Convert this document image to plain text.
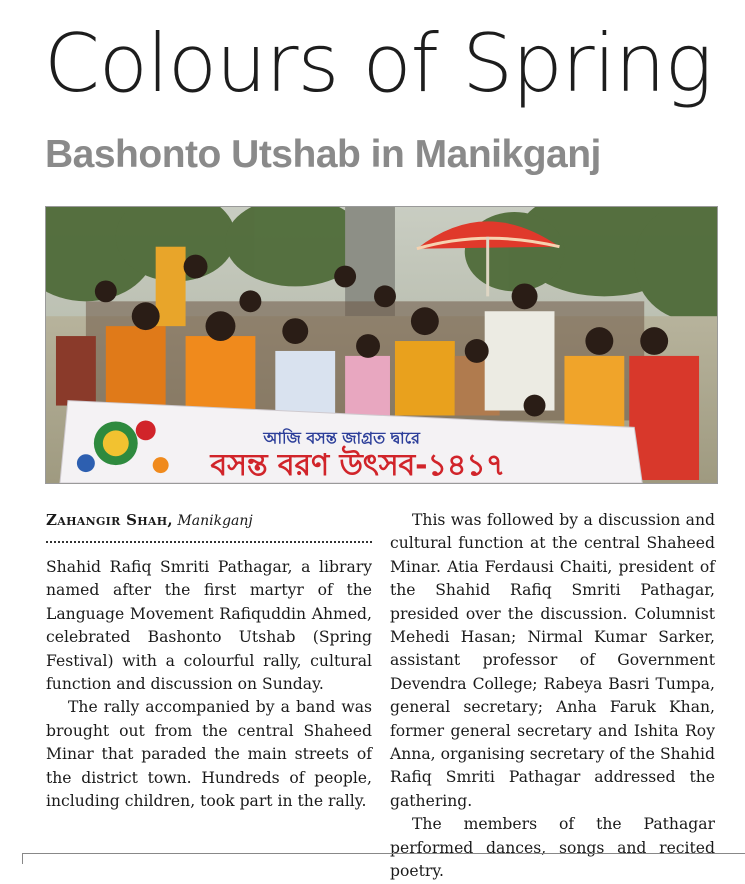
Colours of Spring
Bashonto Utshab in Manikganj
আজি বসন্ত জাগ্রত দ্বারে
বসন্ত বরণ উৎসব-১৪১৭

Zahangir Shah, Manikganj

Shahid Rafiq Smriti Pathagar, a library named after the first martyr of the Language Movement Rafiquddin Ahmed, celebrated Bashonto Utshab (Spring Festival) with a colourful rally, cultural function and discussion on Sunday.

The rally accompanied by a band was brought out from the central Shaheed Minar that paraded the main streets of the district town. Hundreds of people, including children, took part in the rally.

This was followed by a discussion and cultural function at the central Shaheed Minar. Atia Ferdausi Chaiti, president of the Shahid Rafiq Smriti Pathagar, presided over the discussion. Columnist Mehedi Hasan; Nirmal Kumar Sarker, assistant professor of Government Devendra College; Rabeya Basri Tumpa, general secretary; Anha Faruk Khan, former general secretary and Ishita Roy Anna, organising secretary of the Shahid Rafiq Smriti Pathagar addressed the gathering.

The members of the Pathagar performed dances, songs and recited poetry.
